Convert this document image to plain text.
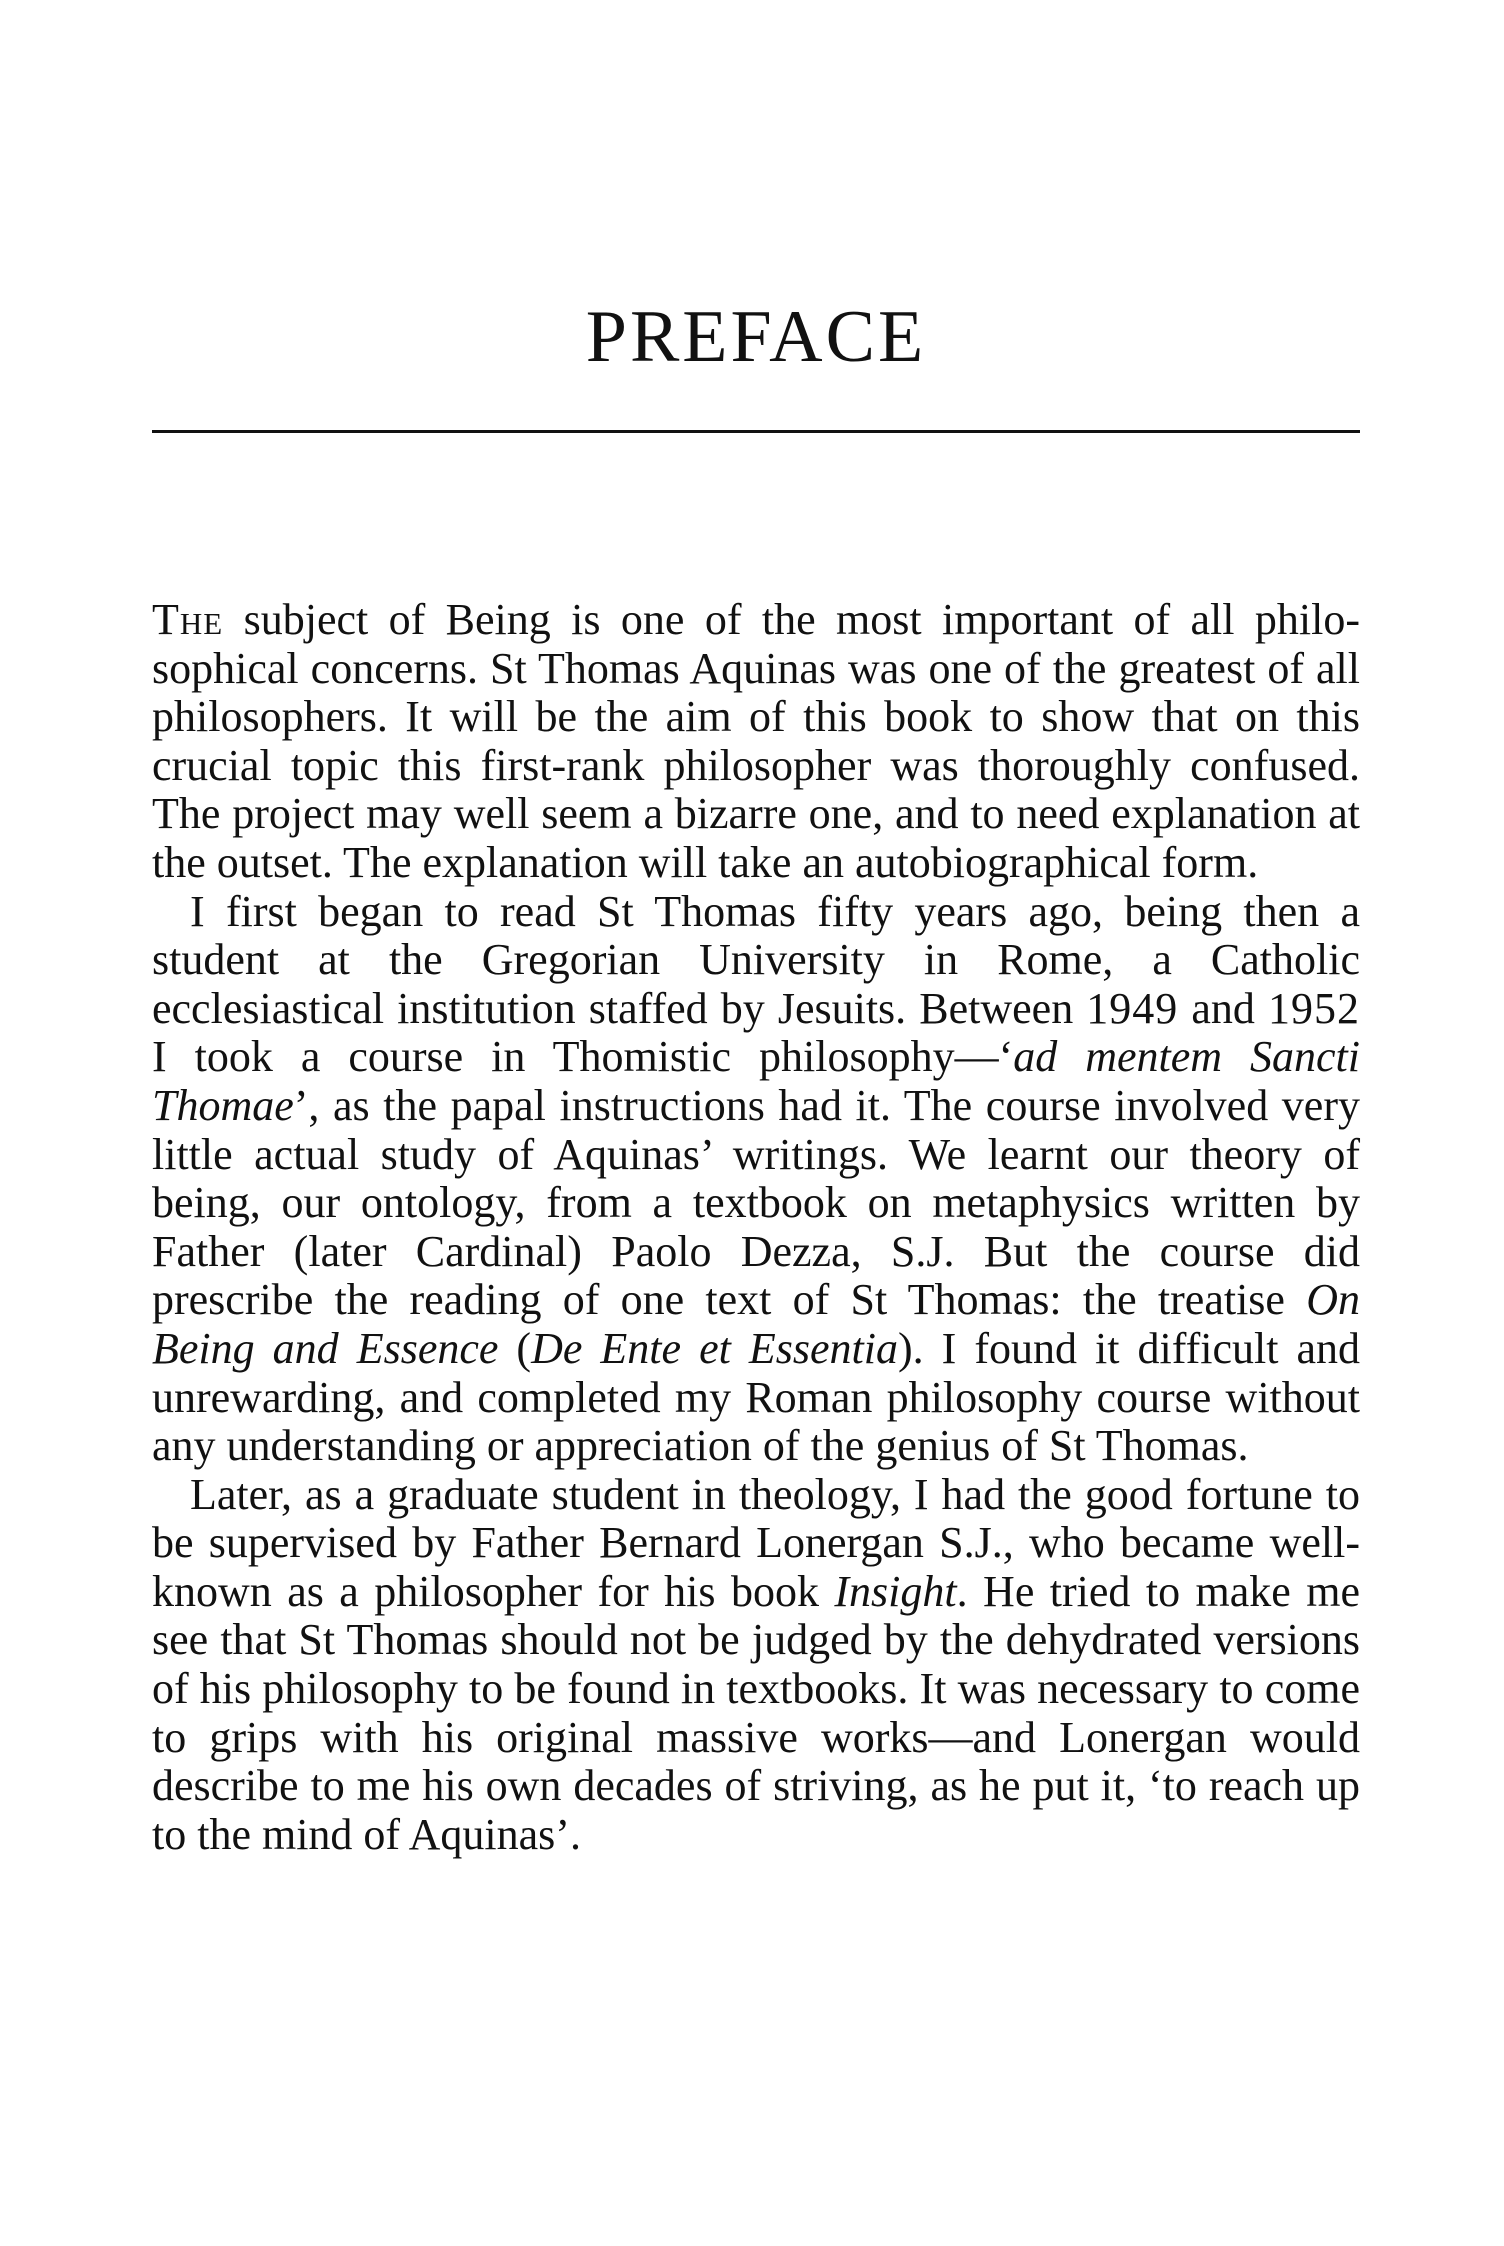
PREFACE

The subject of Being is one of the most important of all philosophical concerns. St Thomas Aquinas was one of the greatest of all philosophers. It will be the aim of this book to show that on this crucial topic this first-rank philosopher was thoroughly confused. The project may well seem a bizarre one, and to need explanation at the outset. The explanation will take an autobiographical form.

I first began to read St Thomas fifty years ago, being then a student at the Gregorian University in Rome, a Catholic ecclesiastical institution staffed by Jesuits. Between 1949 and 1952 I took a course in Thomistic philosophy—‘ad mentem Sancti Thomae’, as the papal instructions had it. The course involved very little actual study of Aquinas’ writings. We learnt our theory of being, our ontology, from a textbook on metaphysics written by Father (later Cardinal) Paolo Dezza, S.J. But the course did prescribe the reading of one text of St Thomas: the treatise On Being and Essence (De Ente et Essentia). I found it difficult and unrewarding, and completed my Roman philosophy course without any understanding or appreciation of the genius of St Thomas.

Later, as a graduate student in theology, I had the good fortune to be supervised by Father Bernard Lonergan S.J., who became well-known as a philosopher for his book Insight. He tried to make me see that St Thomas should not be judged by the dehydrated versions of his philosophy to be found in textbooks. It was necessary to come to grips with his original massive works—and Lonergan would describe to me his own decades of striving, as he put it, ‘to reach up to the mind of Aquinas’.
